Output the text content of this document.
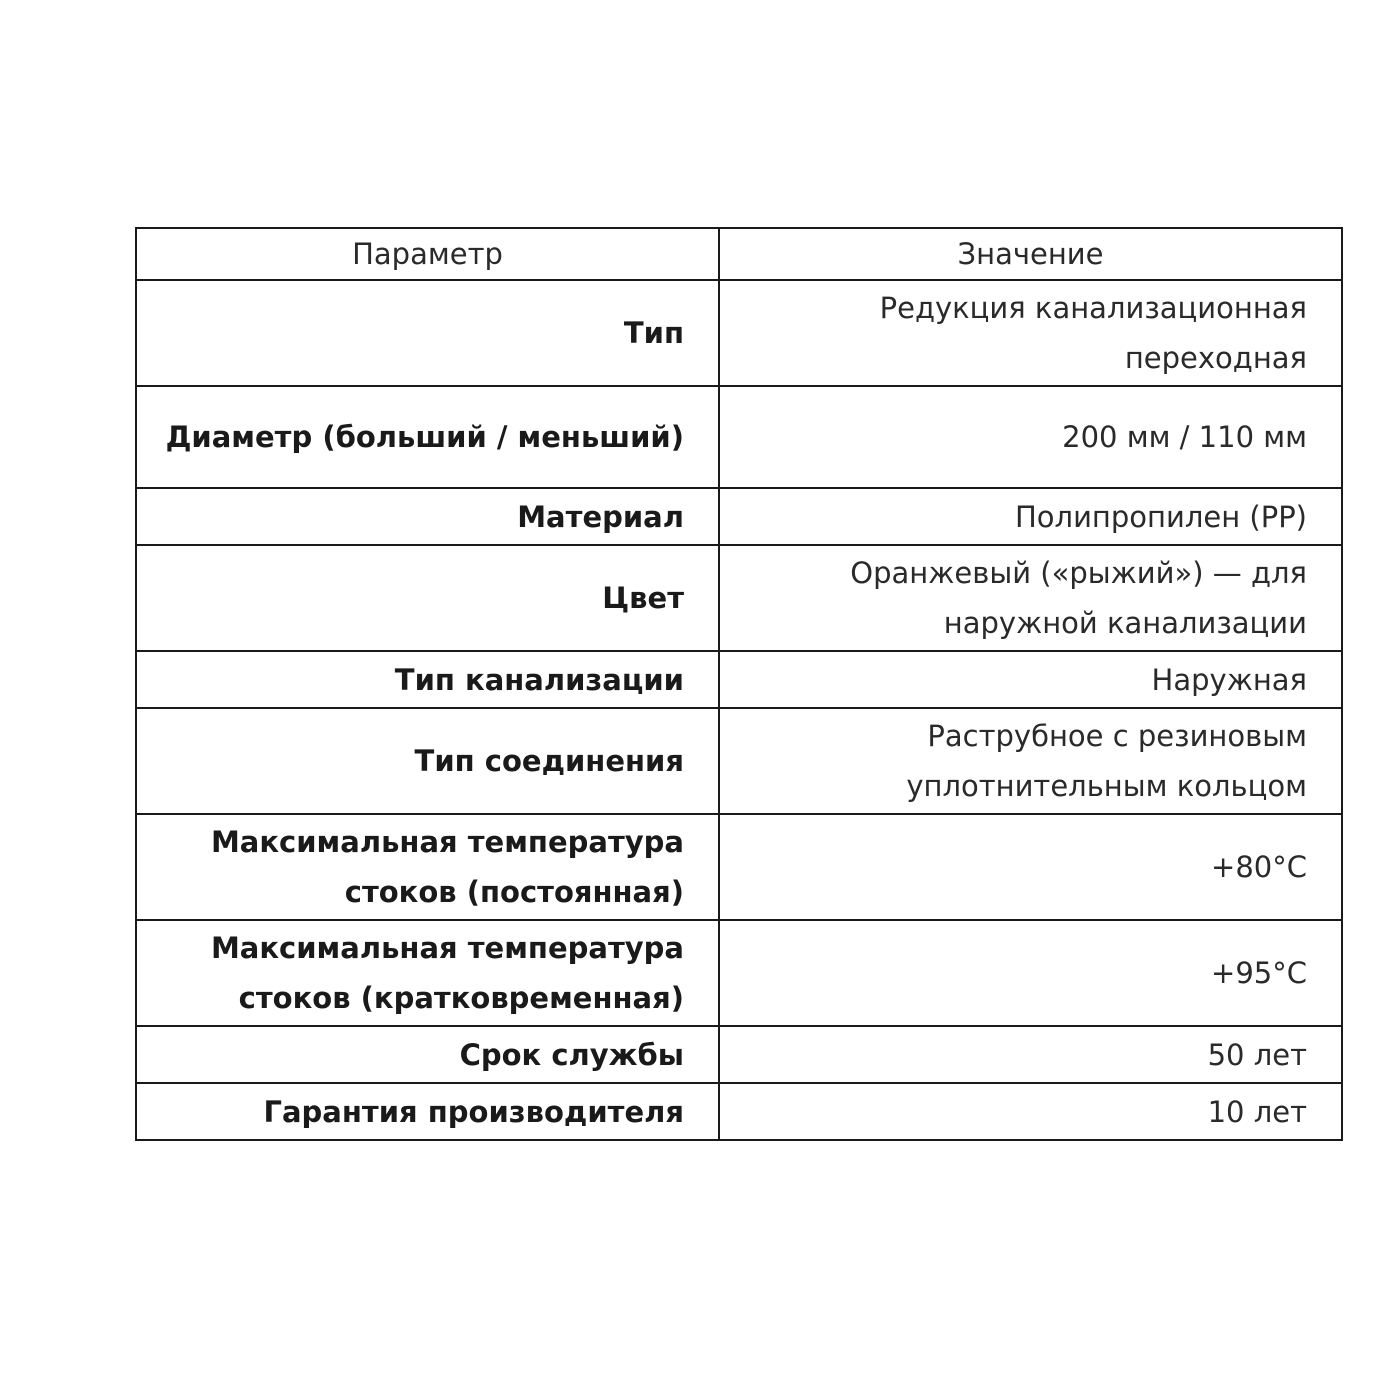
Параметр	Значение
Тип	Редукция канализационная переходная
Диаметр (больший / меньший)	200 мм / 110 мм
Материал	Полипропилен (PP)
Цвет	Оранжевый («рыжий») — для наружной канализации
Тип канализации	Наружная
Тип соединения	Раструбное с резиновым уплотнительным кольцом
Максимальная температура стоков (постоянная)	+80°C
Максимальная температура стоков (кратковременная)	+95°C
Срок службы	50 лет
Гарантия производителя	10 лет
